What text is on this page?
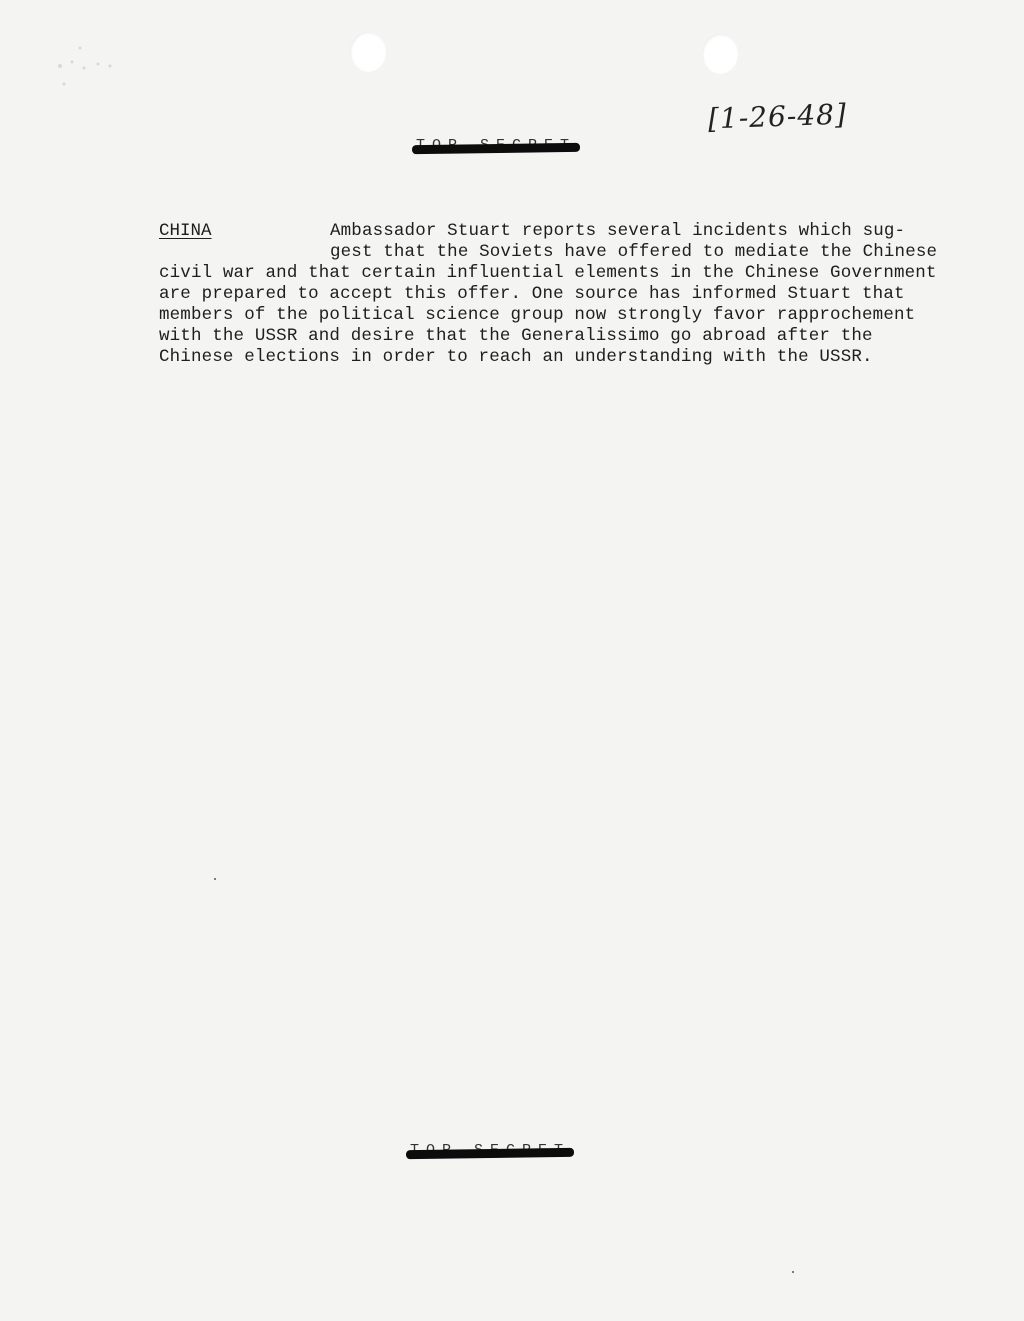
[1-26-48]
CHINA	Ambassador Stuart reports several incidents which sug-
gest that the Soviets have offered to mediate the Chinese
civil war and that certain influential elements in the Chinese Government
are prepared to accept this offer. One source has informed Stuart that
members of the political science group now strongly favor rapprochement
with the USSR and desire that the Generalissimo go abroad after the
Chinese elections in order to reach an understanding with the USSR.
